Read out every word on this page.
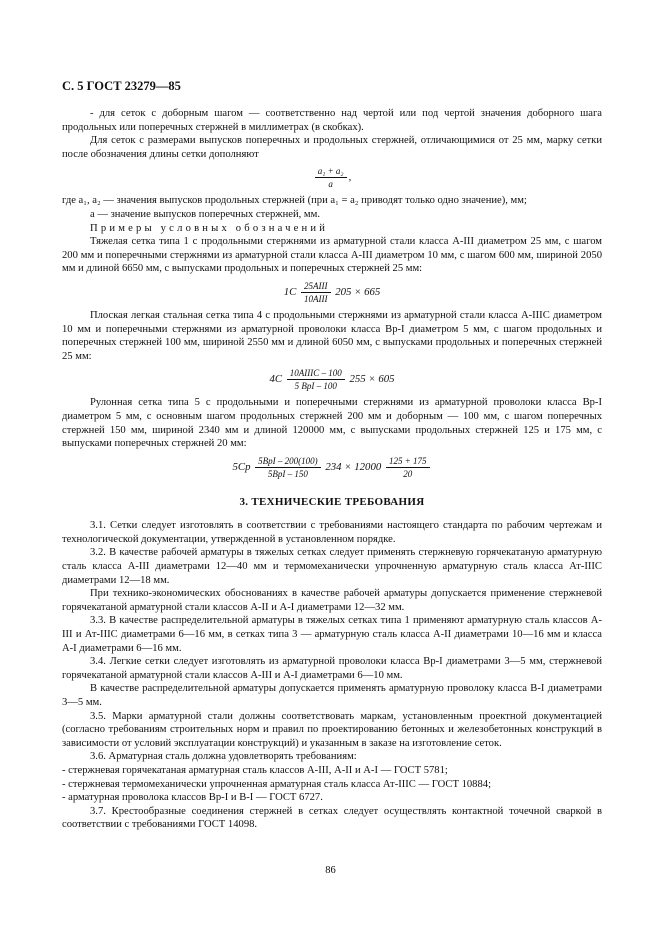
С. 5 ГОСТ 23279—85

- для сеток с доборным шагом — соответственно над чертой или под чертой значения доборного шага продольных или поперечных стержней в миллиметрах (в скобках).

Для сеток с размерами выпусков поперечных и продольных стержней, отличающимися от 25 мм, марку сетки после обозначения длины сетки дополняют

$\frac{\text{a₁ + a₂}}{a}$ ,

где a₁, a₂ — значения выпусков продольных стержней (при a₁ = a₂ приводят только одно значение), мм;

a — значение выпусков поперечных стержней, мм.

Примеры условных обозначений

Тяжелая сетка типа 1 с продольными стержнями из арматурной стали класса А-III диаметром 25 мм, с шагом 200 мм и поперечными стержнями из арматурной стали класса А-III диаметром 10 мм, с шагом 600 мм, шириной 2050 мм и длиной 6650 мм, с выпусками продольных и поперечных стержней 25 мм:

$1С \frac{\text{25АIII}}{\text{10АIII}} 205 \times 665$

Плоская легкая стальная сетка типа 4 с продольными стержнями из арматурной стали класса А-IIIС диаметром 10 мм и поперечными стержнями из арматурной проволоки класса Вр-I диаметром 5 мм, с шагом продольных и поперечных стержней 100 мм, шириной 2550 мм и длиной 6050 мм, с выпусками продольных и поперечных стержней 25 мм:

$4С \frac{\text{10АIIIС – 100}}{\text{5 ВрI – 100}} 255 \times 605$

Рулонная сетка типа 5 с продольными и поперечными стержнями из арматурной проволоки класса Вр-I диаметром 5 мм, с основным шагом продольных стержней 200 мм и доборным — 100 мм, с шагом поперечных стержней 150 мм, шириной 2340 мм и длиной 120000 мм, с выпусками продольных стержней 125 и 175 мм, с выпусками поперечных стержней 20 мм:

$5Ср \frac{\text{5ВрI – 200(100)}}{\text{5ВрI – 150}} 234 \times 12000 \frac{125 + 175}{20}$
3. ТЕХНИЧЕСКИЕ ТРЕБОВАНИЯ

3.1. Сетки следует изготовлять в соответствии с требованиями настоящего стандарта по рабочим чертежам и технологической документации, утвержденной в установленном порядке.

3.2. В качестве рабочей арматуры в тяжелых сетках следует применять стержневую горячекатаную арматурную сталь класса А-III диаметрами 12—40 мм и термомеханически упрочненную арматурную сталь класса Ат-IIIС диаметрами 12—18 мм.

При технико-экономических обоснованиях в качестве рабочей арматуры допускается применение стержневой горячекатаной арматурной стали классов А-II и А-I диаметрами 12—32 мм.

3.3. В качестве распределительной арматуры в тяжелых сетках типа 1 применяют арматурную сталь классов А-III и Ат-IIIС диаметрами 6—16 мм, в сетках типа 3 — арматурную сталь класса А-II диаметрами 10—16 мм и класса А-I диаметрами 6—16 мм.

3.4. Легкие сетки следует изготовлять из арматурной проволоки класса Вр-I диаметрами 3—5 мм, стержневой горячекатаной арматурной стали классов А-III и А-I диаметрами 6—10 мм.

В качестве распределительной арматуры допускается применять арматурную проволоку класса В-I диаметрами 3—5 мм.

3.5. Марки арматурной стали должны соответствовать маркам, установленным проектной документацией (согласно требованиям строительных норм и правил по проектированию бетонных и железобетонных конструкций в зависимости от условий эксплуатации конструкций) и указанным в заказе на изготовление сеток.

3.6. Арматурная сталь должна удовлетворять требованиям:

- стержневая горячекатаная арматурная сталь классов А-III, А-II и А-I — ГОСТ 5781;

- стержневая термомеханически упрочненная арматурная сталь класса Ат-IIIС — ГОСТ 10884;

- арматурная проволока классов Вр-I и В-I — ГОСТ 6727.

3.7. Крестообразные соединения стержней в сетках следует осуществлять контактной точечной сваркой в соответствии с требованиями ГОСТ 14098.

86
